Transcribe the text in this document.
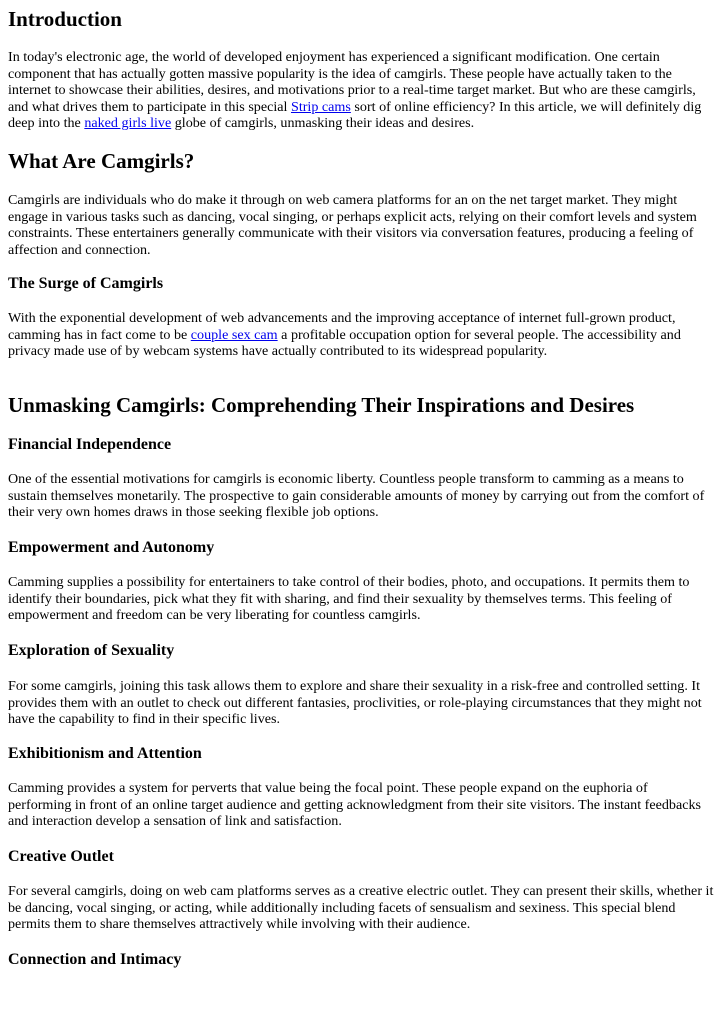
Introduction

In today's electronic age, the world of developed enjoyment has experienced a significant modification. One certain component that has actually gotten massive popularity is the idea of camgirls. These people have actually taken to the internet to showcase their abilities, desires, and motivations prior to a real-time target market. But who are these camgirls, and what drives them to participate in this special Strip cams sort of online efficiency? In this article, we will definitely dig deep into the naked girls live globe of camgirls, unmasking their ideas and desires.

What Are Camgirls?

Camgirls are individuals who do make it through on web camera platforms for an on the net target market. They might engage in various tasks such as dancing, vocal singing, or perhaps explicit acts, relying on their comfort levels and system constraints. These entertainers generally communicate with their visitors via conversation features, producing a feeling of affection and connection.

The Surge of Camgirls

With the exponential development of web advancements and the improving acceptance of internet full-grown product, camming has in fact come to be couple sex cam a profitable occupation option for several people. The accessibility and privacy made use of by webcam systems have actually contributed to its widespread popularity.

Unmasking Camgirls: Comprehending Their Inspirations and Desires
Financial Independence

One of the essential motivations for camgirls is economic liberty. Countless people transform to camming as a means to sustain themselves monetarily. The prospective to gain considerable amounts of money by carrying out from the comfort of their very own homes draws in those seeking flexible job options.

Empowerment and Autonomy

Camming supplies a possibility for entertainers to take control of their bodies, photo, and occupations. It permits them to identify their boundaries, pick what they fit with sharing, and find their sexuality by themselves terms. This feeling of empowerment and freedom can be very liberating for countless camgirls.

Exploration of Sexuality

For some camgirls, joining this task allows them to explore and share their sexuality in a risk-free and controlled setting. It provides them with an outlet to check out different fantasies, proclivities, or role-playing circumstances that they might not have the capability to find in their specific lives.

Exhibitionism and Attention

Camming provides a system for perverts that value being the focal point. These people expand on the euphoria of performing in front of an online target audience and getting acknowledgment from their site visitors. The instant feedbacks and interaction develop a sensation of link and satisfaction.

Creative Outlet

For several camgirls, doing on web cam platforms serves as a creative electric outlet. They can present their skills, whether it be dancing, vocal singing, or acting, while additionally including facets of sensualism and sexiness. This special blend permits them to share themselves attractively while involving with their audience.

Connection and Intimacy
